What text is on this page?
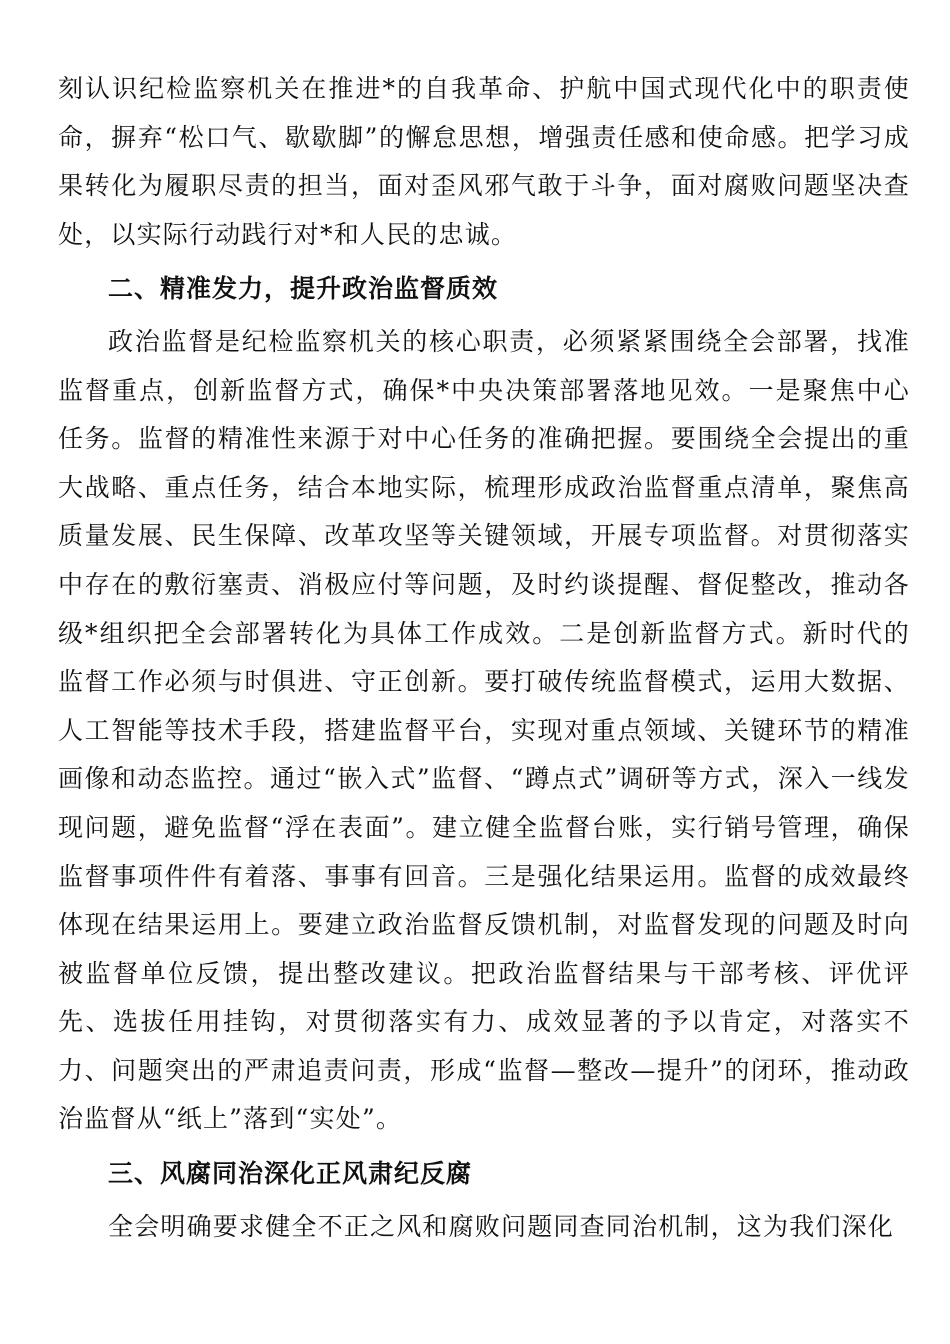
刻认识纪检监察机关在推进*的自我革命、护航中国式现代化中的职责使命，摒弃“松口气、歇歇脚”的懈怠思想，增强责任感和使命感。把学习成果转化为履职尽责的担当，面对歪风邪气敢于斗争，面对腐败问题坚决查处，以实际行动践行对*和人民的忠诚。

二、精准发力，提升政治监督质效

政治监督是纪检监察机关的核心职责，必须紧紧围绕全会部署，找准监督重点，创新监督方式，确保*中央决策部署落地见效。一是聚焦中心任务。监督的精准性来源于对中心任务的准确把握。要围绕全会提出的重大战略、重点任务，结合本地实际，梳理形成政治监督重点清单，聚焦高质量发展、民生保障、改革攻坚等关键领域，开展专项监督。对贯彻落实中存在的敷衍塞责、消极应付等问题，及时约谈提醒、督促整改，推动各级*组织把全会部署转化为具体工作成效。二是创新监督方式。新时代的监督工作必须与时俱进、守正创新。要打破传统监督模式，运用大数据、人工智能等技术手段，搭建监督平台，实现对重点领域、关键环节的精准画像和动态监控。通过“嵌入式”监督、“蹲点式”调研等方式，深入一线发现问题，避免监督“浮在表面”。建立健全监督台账，实行销号管理，确保监督事项件件有着落、事事有回音。三是强化结果运用。监督的成效最终体现在结果运用上。要建立政治监督反馈机制，对监督发现的问题及时向被监督单位反馈，提出整改建议。把政治监督结果与干部考核、评优评先、选拔任用挂钩，对贯彻落实有力、成效显著的予以肯定，对落实不力、问题突出的严肃追责问责，形成“监督—整改—提升”的闭环，推动政治监督从“纸上”落到“实处”。

三、风腐同治深化正风肃纪反腐

全会明确要求健全不正之风和腐败问题同查同治机制，这为我们深化
